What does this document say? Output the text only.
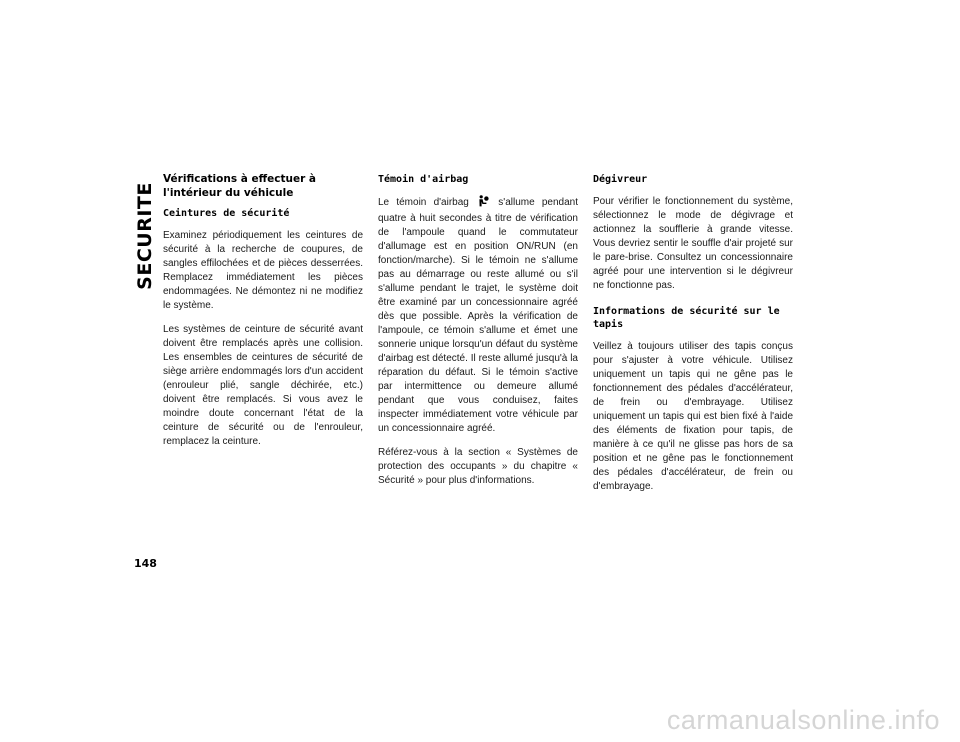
SECURITE
148
Vérifications à effectuer à l'intérieur du véhicule
Ceintures de sécurité

Examinez périodiquement les ceintures de sécurité à la recherche de coupures, de sangles effilochées et de pièces desserrées. Remplacez immédiatement les pièces endommagées. Ne démontez ni ne modifiez le système.

Les systèmes de ceinture de sécurité avant doivent être remplacés après une collision. Les ensembles de ceintures de sécurité de siège arrière endommagés lors d'un accident (enrouleur plié, sangle déchirée, etc.) doivent être remplacés. Si vous avez le moindre doute concernant l'état de la ceinture de sécurité ou de l'enrouleur, remplacez la ceinture.

Témoin d'airbag

Le témoin d'airbag	s'allume pendant quatre à huit secondes à titre de vérification de l'ampoule quand le commutateur d'allumage est en position ON/RUN (en fonction/marche). Si le témoin ne s'allume pas au démarrage ou reste allumé ou s'il s'allume pendant le trajet, le système doit être examiné par un concessionnaire agréé dès que possible. Après la vérification de l'ampoule, ce témoin s'allume et émet une sonnerie unique lorsqu'un défaut du système d'airbag est détecté. Il reste allumé jusqu'à la réparation du défaut. Si le témoin s'active par intermittence ou demeure allumé pendant que vous conduisez, faites inspecter immédiatement votre véhicule par un concessionnaire agréé.

Référez-vous à la section « Systèmes de protection des occupants » du chapitre « Sécurité » pour plus d'informations.

Dégivreur

Pour vérifier le fonctionnement du système, sélectionnez le mode de dégivrage et actionnez la soufflerie à grande vitesse. Vous devriez sentir le souffle d'air projeté sur le pare-brise. Consultez un concessionnaire agréé pour une intervention si le dégivreur ne fonctionne pas.

Informations de sécurité sur le tapis

Veillez à toujours utiliser des tapis conçus pour s'ajuster à votre véhicule. Utilisez uniquement un tapis qui ne gêne pas le fonctionnement des pédales d'accélérateur, de frein ou d'embrayage. Utilisez uniquement un tapis qui est bien fixé à l'aide des éléments de fixation pour tapis, de manière à ce qu'il ne glisse pas hors de sa position et ne gêne pas le fonctionnement des pédales d'accélérateur, de frein ou d'embrayage.

carmanualsonline.info
